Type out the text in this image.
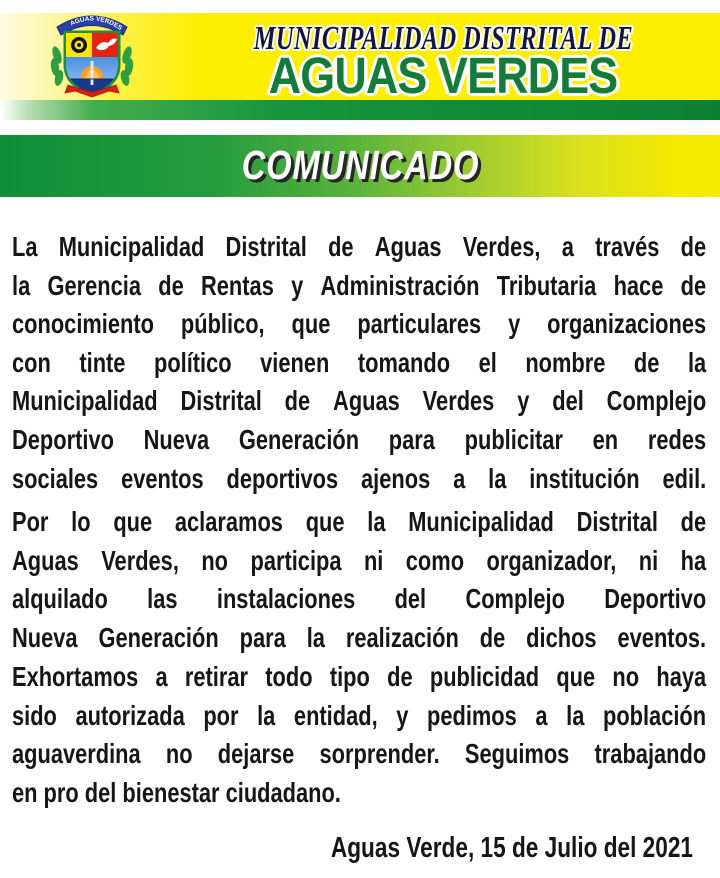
AGUAS VERDES	MUNICIPALIDAD DISTRITAL DE
AGUAS VERDES
COMUNICADO
La Municipalidad Distrital de Aguas Verdes, a través de
la Gerencia de Rentas y Administración Tributaria hace de
conocimiento público, que particulares y organizaciones
con tinte político vienen tomando el nombre de la
Municipalidad Distrital de Aguas Verdes y del Complejo
Deportivo Nueva Generación para publicitar en redes
sociales eventos deportivos ajenos a la institución edil.
Por lo que aclaramos que la Municipalidad Distrital de
Aguas Verdes, no participa ni como organizador, ni ha
alquilado las instalaciones del Complejo Deportivo
Nueva Generación para la realización de dichos eventos.
Exhortamos a retirar todo tipo de publicidad que no haya
sido autorizada por la entidad, y pedimos a la población
aguaverdina no dejarse sorprender. Seguimos trabajando
en pro del bienestar ciudadano.
Aguas Verde, 15 de Julio del 2021
